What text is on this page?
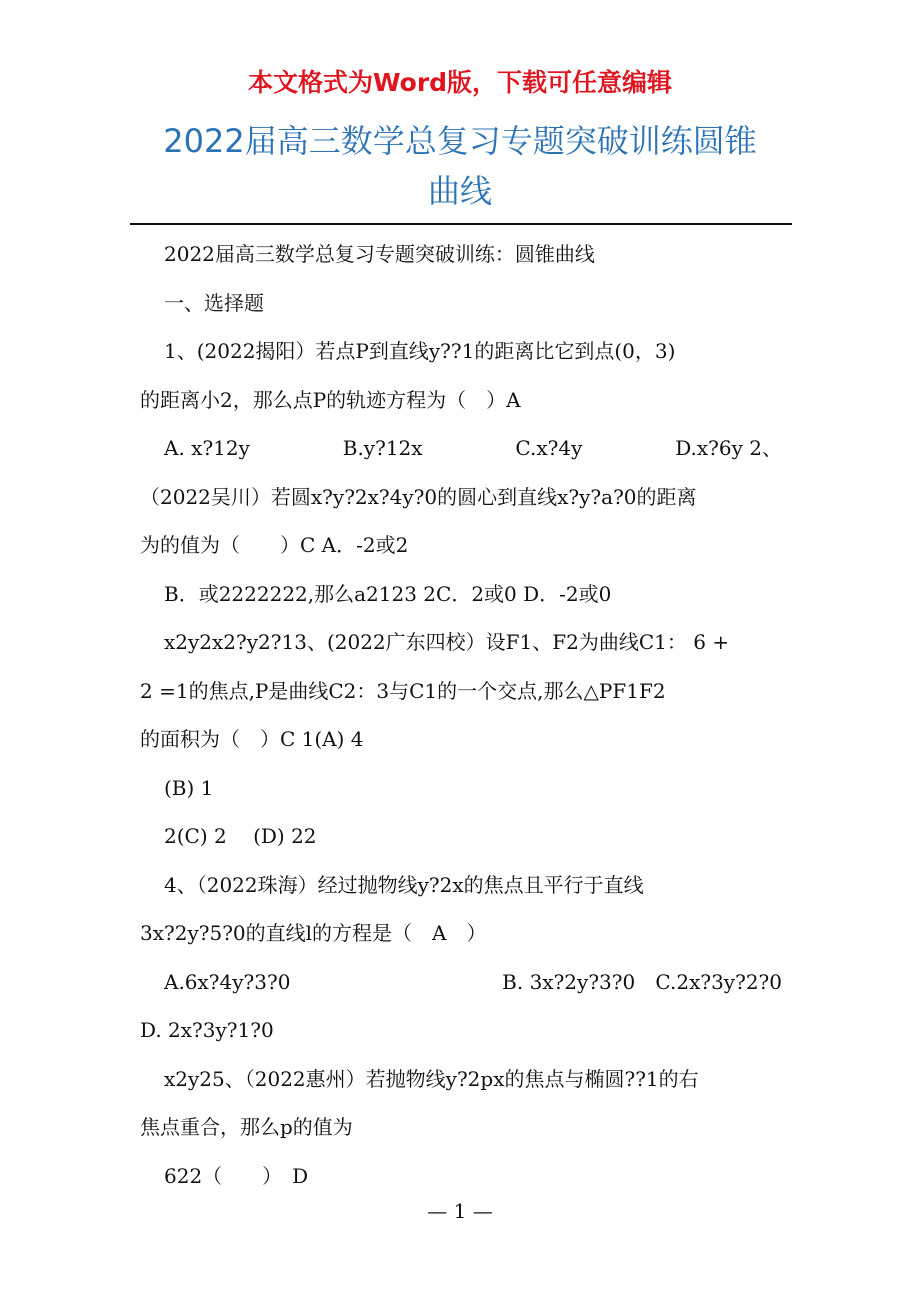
本文格式为Word版，下载可任意编辑
2022届高三数学总复习专题突破训练圆锥
曲线
2022届高三数学总复习专题突破训练：圆锥曲线
一、选择题
1、(2022揭阳）若点P到直线y??1的距离比它到点(0，3)
的距离小2，那么点P的轨迹方程为（　）A
A. x?12y	B.y?12x	C.x?4y	D.x?6y 2、
（2022吴川）若圆x?y?2x?4y?0的圆心到直线x?y?a?0的距离
为的值为（　　）C A．-2或2
B．或2222222,那么a2123 2C．2或0 D．-2或0
x2y2x2?y2?13、(2022广东四校）设F1、F2为曲线C1： 6 +
2 =1的焦点,P是曲线C2：3与C1的一个交点,那么△PF1F2
的面积为（　）C 1(A) 4
(B) 1
2(C) 2　 (D) 22
4、（2022珠海）经过抛物线y?2x的焦点且平行于直线
3x?2y?5?0的直线l的方程是（　A　）
A.6x?4y?3?0	B. 3x?2y?3?0 C.2x?3y?2?0
D. 2x?3y?1?0
x2y25、（2022惠州）若抛物线y?2px的焦点与椭圆??1的右
焦点重合，那么p的值为
622（　　）　D
— 1 —
